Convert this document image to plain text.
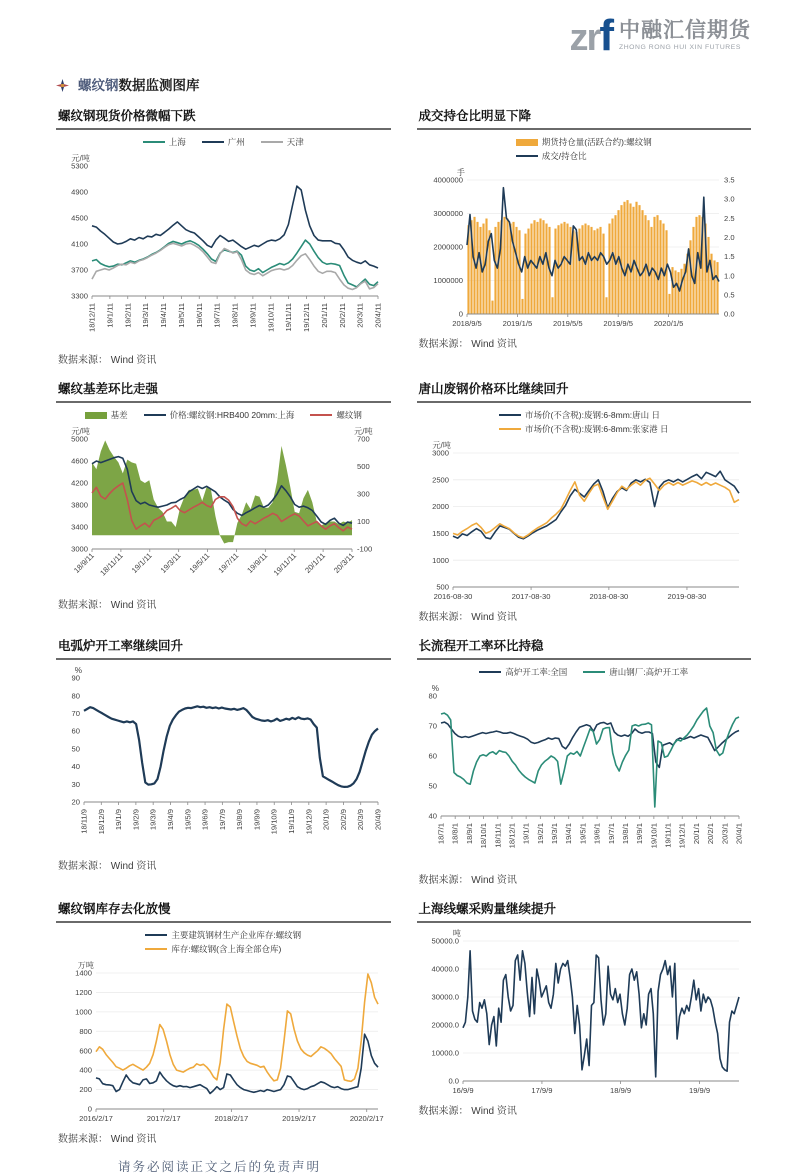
zrf 中融汇信期货
ZHONG RONG HUI XIN FUTURES
螺纹钢数据监测图库
螺纹钢现货价格微幅下跌
上海	广州	天津
5300
4900
4500
4100
3700
3300
元/吨
18/12/11 19/1/11 19/2/11 19/3/11 19/4/11 19/5/11 19/6/11 19/7/11 19/8/11 19/9/11 19/10/11 19/11/11 19/12/11 20/1/11 20/2/11 20/3/11 20/4/11
数据来源： Wind 资讯
成交持仓比明显下降
期货持仓量(活跃合约):螺纹钢
成交/持仓比
4000000
3000000
2000000
1000000
0
3.5
3.0
2.5
2.0
1.5
1.0
0.5
0.0
手
2018/9/5	2019/1/5	2019/5/5	2019/9/5	2020/1/5
数据来源： Wind 资讯
螺纹基差环比走强
基差	价格:螺纹钢:HRB400 20mm:上海	螺纹钢
5000
4600
4200
3800
3400
3000
700
500
300
100
-100
元/吨	元/吨
18/9/11 18/11/11 19/1/11 19/3/11 19/5/11 19/7/11 19/9/11 19/11/11 20/1/11 20/3/11
数据来源： Wind 资讯
唐山废钢价格环比继续回升
市场价(不含税):废钢:6-8mm:唐山 日
市场价(不含税):废钢:6-8mm:张家港 日
3000
2500
2000
1500
1000
500
元/吨
2016-08-30	2017-08-30	2018-08-30	2019-08-30
数据来源： Wind 资讯
电弧炉开工率继续回升
90
80
70
60
50
40
30
20
%
18/11/9 18/12/9 19/1/9 19/2/9 19/3/9 19/4/9 19/5/9 19/6/9 19/7/9 19/8/9 19/9/9 19/10/9 19/11/9 19/12/9 20/1/9 20/2/9 20/3/9 20/4/9
数据来源： Wind 资讯
长流程开工率环比持稳
高炉开工率:全国	唐山钢厂:高炉开工率
80
70
60
50
40
%
18/7/1 18/8/1 18/9/1 18/10/1 18/11/1 18/12/1 19/1/1 19/2/1 19/3/1 19/4/1 19/5/1 19/6/1 19/7/1 19/8/1 19/9/1 19/10/1 19/11/1 19/12/1 20/1/1 20/2/1 20/3/1 20/4/1
数据来源： Wind 资讯
螺纹钢库存去化放慢
主要建筑钢材生产企业库存:螺纹钢
库存:螺纹钢(含上海全部仓库)
1400
1200
1000
800
600
400
200
0
万吨
2016/2/17	2017/2/17	2018/2/17	2019/2/17	2020/2/17
数据来源： Wind 资讯
上海线螺采购量继续提升
50000.0
40000.0
30000.0
20000.0
10000.0
0.0
吨
16/9/9	17/9/9	18/9/9	19/9/9
数据来源： Wind 资讯
请务必阅读正文之后的免责声明
